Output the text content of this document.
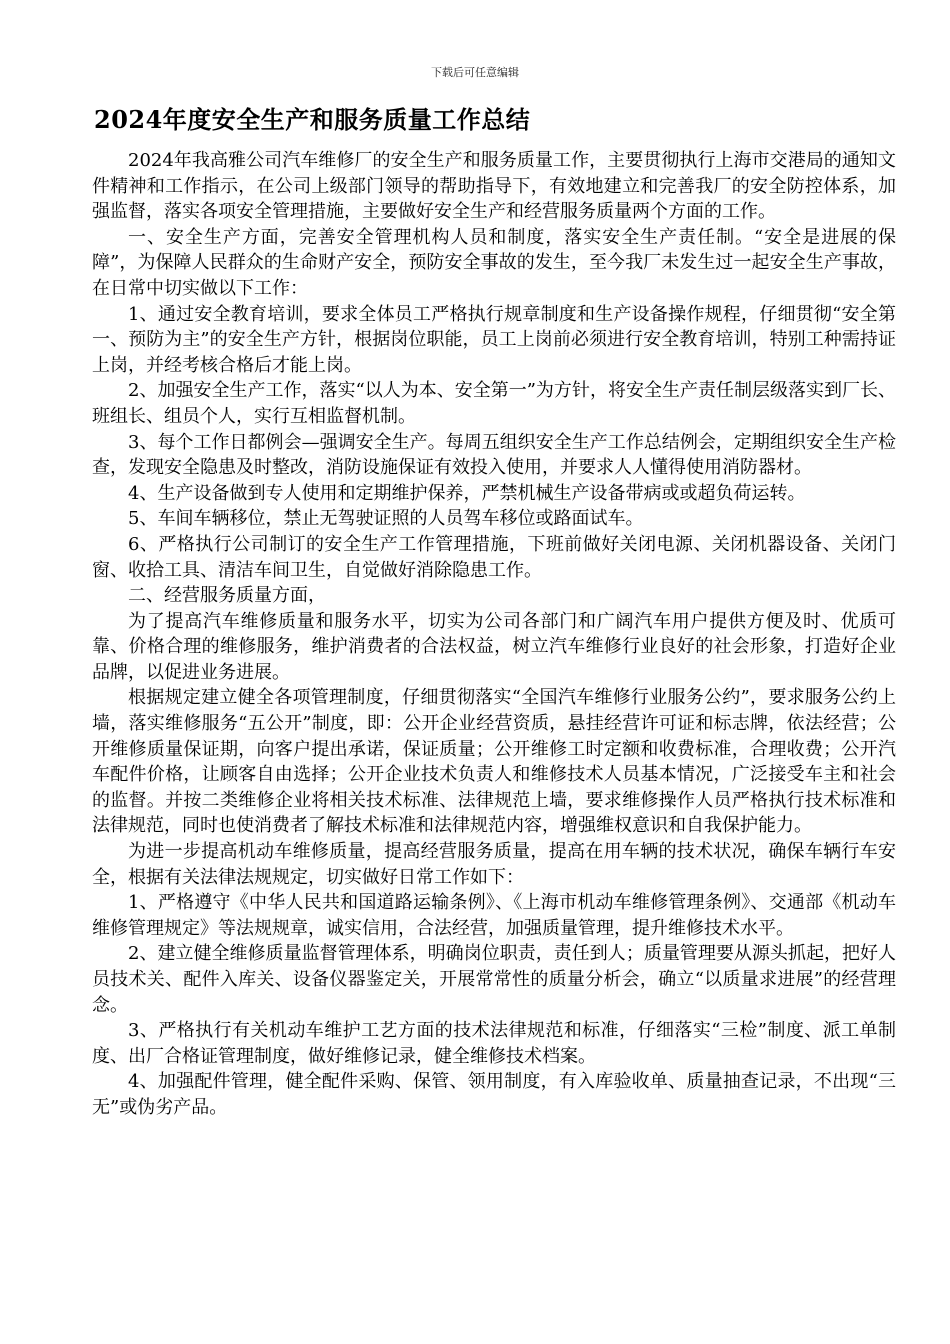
下载后可任意编辑
2024年度安全生产和服务质量工作总结

2024年我高雅公司汽车维修厂的安全生产和服务质量工作，主要贯彻执行上海市交港局的通知文件精神和工作指示，在公司上级部门领导的帮助指导下，有效地建立和完善我厂的安全防控体系，加强监督，落实各项安全管理措施，主要做好安全生产和经营服务质量两个方面的工作。

一、安全生产方面，完善安全管理机构人员和制度，落实安全生产责任制。“安全是进展的保障”，为保障人民群众的生命财产安全，预防安全事故的发生，至今我厂未发生过一起安全生产事故，在日常中切实做以下工作：

1、通过安全教育培训，要求全体员工严格执行规章制度和生产设备操作规程，仔细贯彻“安全第一、预防为主”的安全生产方针，根据岗位职能，员工上岗前必须进行安全教育培训，特别工种需持证上岗，并经考核合格后才能上岗。

2、加强安全生产工作，落实“以人为本、安全第一”为方针，将安全生产责任制层级落实到厂长、班组长、组员个人，实行互相监督机制。

3、每个工作日都例会—强调安全生产。每周五组织安全生产工作总结例会，定期组织安全生产检查，发现安全隐患及时整改，消防设施保证有效投入使用，并要求人人懂得使用消防器材。

4、生产设备做到专人使用和定期维护保养，严禁机械生产设备带病或或超负荷运转。

5、车间车辆移位，禁止无驾驶证照的人员驾车移位或路面试车。

6、严格执行公司制订的安全生产工作管理措施，下班前做好关闭电源、关闭机器设备、关闭门窗、收拾工具、清洁车间卫生，自觉做好消除隐患工作。

二、经营服务质量方面，

为了提高汽车维修质量和服务水平，切实为公司各部门和广阔汽车用户提供方便及时、优质可靠、价格合理的维修服务，维护消费者的合法权益，树立汽车维修行业良好的社会形象，打造好企业品牌，以促进业务进展。

根据规定建立健全各项管理制度，仔细贯彻落实“全国汽车维修行业服务公约”，要求服务公约上墙，落实维修服务“五公开”制度，即：公开企业经营资质，悬挂经营许可证和标志牌，依法经营；公开维修质量保证期，向客户提出承诺，保证质量；公开维修工时定额和收费标准，合理收费；公开汽车配件价格，让顾客自由选择；公开企业技术负责人和维修技术人员基本情况，广泛接受车主和社会的监督。并按二类维修企业将相关技术标准、法律规范上墙，要求维修操作人员严格执行技术标准和法律规范，同时也使消费者了解技术标准和法律规范内容，增强维权意识和自我保护能力。

为进一步提高机动车维修质量，提高经营服务质量，提高在用车辆的技术状况，确保车辆行车安全，根据有关法律法规规定，切实做好日常工作如下：

1、严格遵守《中华人民共和国道路运输条例》、《上海市机动车维修管理条例》、交通部《机动车维修管理规定》等法规规章，诚实信用，合法经营，加强质量管理，提升维修技术水平。

2、建立健全维修质量监督管理体系，明确岗位职责，责任到人；质量管理要从源头抓起，把好人员技术关、配件入库关、设备仪器鉴定关，开展常常性的质量分析会，确立“以质量求进展”的经营理念。

3、严格执行有关机动车维护工艺方面的技术法律规范和标准，仔细落实“三检”制度、派工单制度、出厂合格证管理制度，做好维修记录，健全维修技术档案。

4、加强配件管理，健全配件采购、保管、领用制度，有入库验收单、质量抽查记录，不出现“三无”或伪劣产品。
